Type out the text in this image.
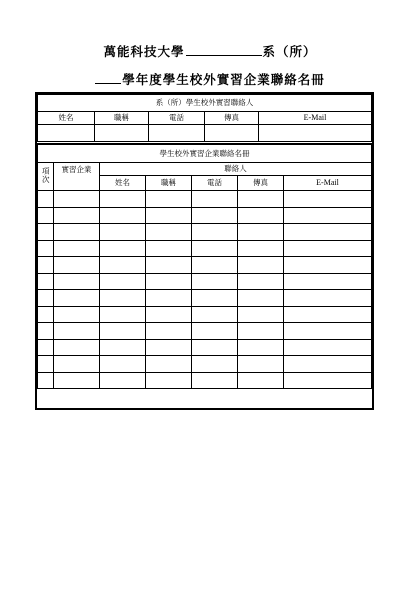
萬能科技大學	系（所）
學年度學生校外實習企業聯絡名冊
系（所）學生校外實習聯絡人				
姓名	職稱	電話	傳真	E-Mail

學生校外實習企業聯絡名冊						
項次	實習企業	聯絡人				
		姓名	職稱	電話	傳真	E-Mail
